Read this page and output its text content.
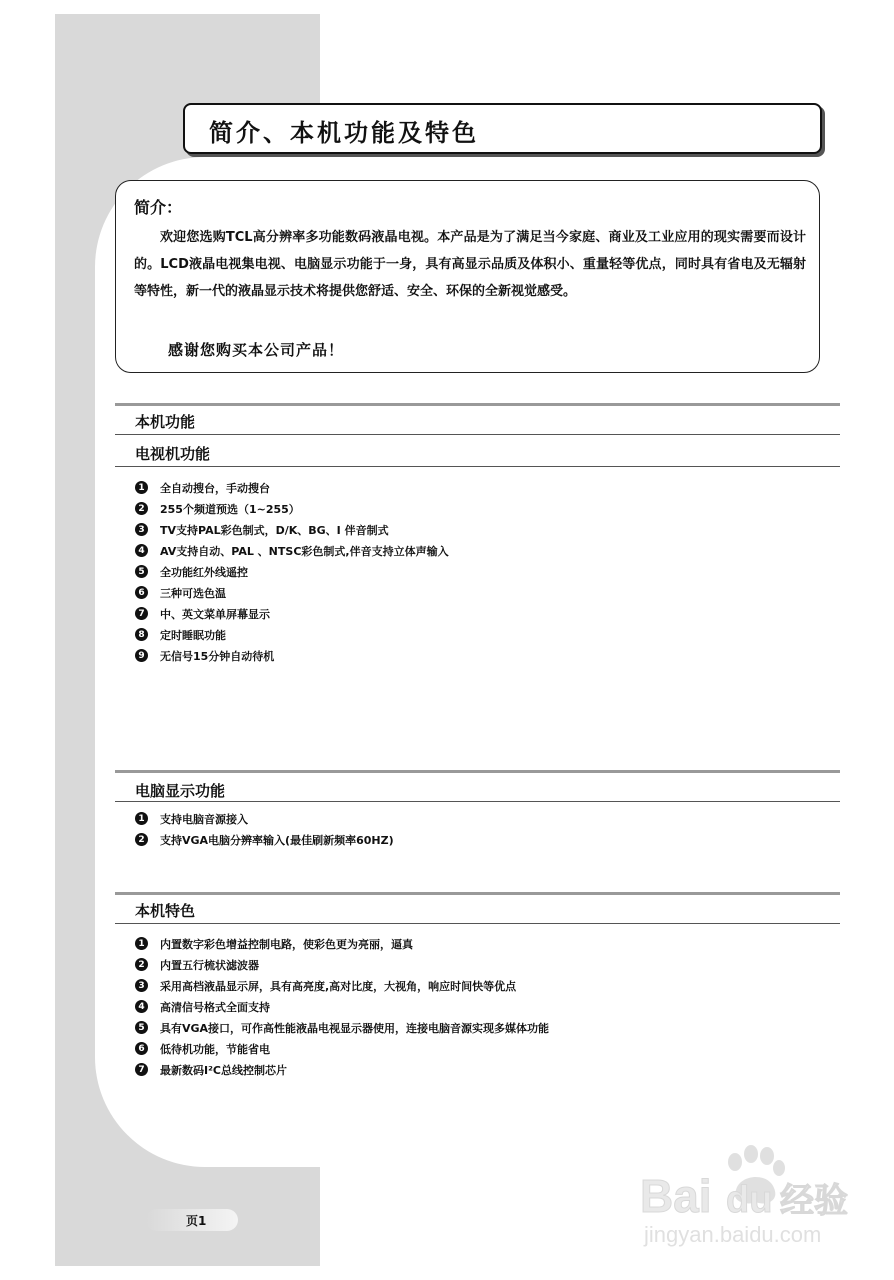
简介、本机功能及特色
简介：
欢迎您选购TCL高分辨率多功能数码液晶电视。本产品是为了满足当今家庭、商业及工业应用的现实需要而设计的。LCD液晶电视集电视、电脑显示功能于一身，具有高显示品质及体积小、重量轻等优点，同时具有省电及无辐射等特性，新一代的液晶显示技术将提供您舒适、安全、环保的全新视觉感受。
感谢您购买本公司产品！
本机功能
电视机功能
1	全自动搜台，手动搜台
2	255个频道预选（1~255）
3	TV支持PAL彩色制式，D/K、BG、I 伴音制式
4	AV支持自动、PAL 、NTSC彩色制式,伴音支持立体声输入
5	全功能红外线遥控
6	三种可选色温
7	中、英文菜单屏幕显示
8	定时睡眠功能
9	无信号15分钟自动待机
电脑显示功能
1	支持电脑音源接入
2	支持VGA电脑分辨率输入(最佳刷新频率60HZ)
本机特色
1	内置数字彩色增益控制电路，使彩色更为亮丽，逼真
2	内置五行梳状滤波器
3	采用高档液晶显示屏，具有高亮度,高对比度，大视角，响应时间快等优点
4	高清信号格式全面支持
5	具有VGA接口，可作高性能液晶电视显示器使用，连接电脑音源实现多媒体功能
6	低待机功能，节能省电
7	最新数码I²C总线控制芯片
页1	Bai du 经验
jingyan.baidu.com
